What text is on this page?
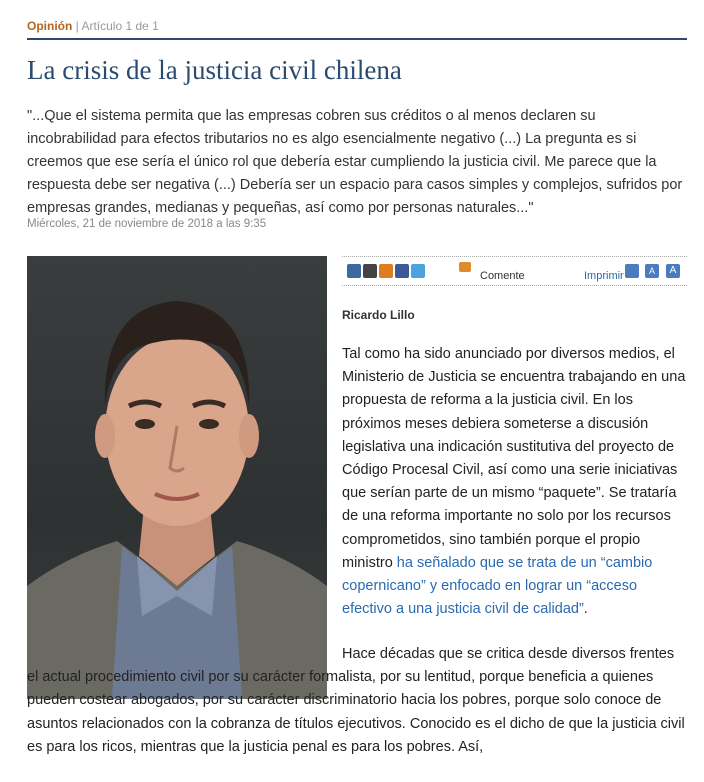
Opinión | Artículo 1 de 1
La crisis de la justicia civil chilena

"...Que el sistema permita que las empresas cobren sus créditos o al menos declaren su incobrabilidad para efectos tributarios no es algo esencialmente negativo (...) La pregunta es si creemos que ese sería el único rol que debería estar cumpliendo la justicia civil. Me parece que la respuesta debe ser negativa (...) Debería ser un espacio para casos simples y complejos, sufridos por empresas grandes, medianas y pequeñas, así como por personas naturales..."

Miércoles, 21 de noviembre de 2018 a las 9:35
Comente	Imprimir	A	A
Ricardo Lillo

Tal como ha sido anunciado por diversos medios, el Ministerio de Justicia se encuentra trabajando en una propuesta de reforma a la justicia civil. En los próximos meses debiera someterse a discusión legislativa una indicación sustitutiva del proyecto de Código Procesal Civil, así como una serie iniciativas que serían parte de un mismo “paquete”. Se trataría de una reforma importante no solo por los recursos comprometidos, sino también porque el propio ministro ha señalado que se trata de un “cambio copernicano” y enfocado en lograr un “acceso efectivo a una justicia civil de calidad”.

Hace décadas que se critica desde diversos frentes el actual procedimiento civil por su carácter formalista, por su lentitud, porque beneficia a quienes pueden costear abogados, por su carácter discriminatorio hacia los pobres, porque solo conoce de asuntos relacionados con la cobranza de títulos ejecutivos. Conocido es el dicho de que la justicia civil es para los ricos, mientras que la justicia penal es para los pobres. Así,
